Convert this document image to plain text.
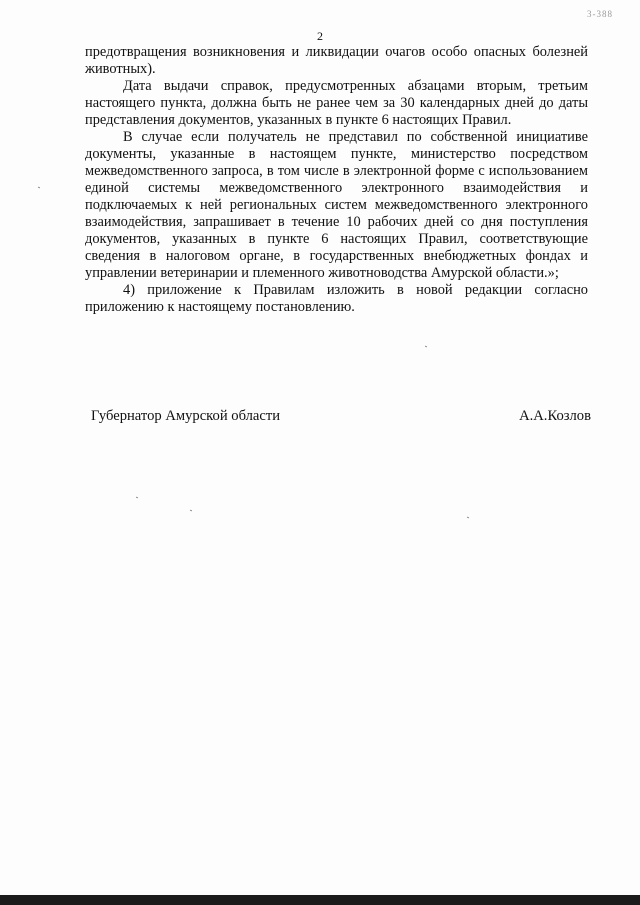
3-388
2

предотвращения возникновения и ликвидации очагов особо опасных болезней животных).

Дата выдачи справок, предусмотренных абзацами вторым, третьим настоящего пункта, должна быть не ранее чем за 30 календарных дней до даты представления документов, указанных в пункте 6 настоящих Правил.

В случае если получатель не представил по собственной инициативе документы, указанные в настоящем пункте, министерство посредством межведомственного запроса, в том числе в электронной форме с использованием единой системы межведомственного электронного взаимодействия и подключаемых к ней региональных систем межведомственного электронного взаимодействия, запрашивает в течение 10 рабочих дней со дня поступления документов, указанных в пункте 6 настоящих Правил, соответствующие сведения в налоговом органе, в государственных внебюджетных фондах и управлении ветеринарии и племенного животноводства Амурской области.»;

4) приложение к Правилам изложить в новой редакции согласно приложению к настоящему постановлению.

Губернатор Амурской области	А.А.Козлов
